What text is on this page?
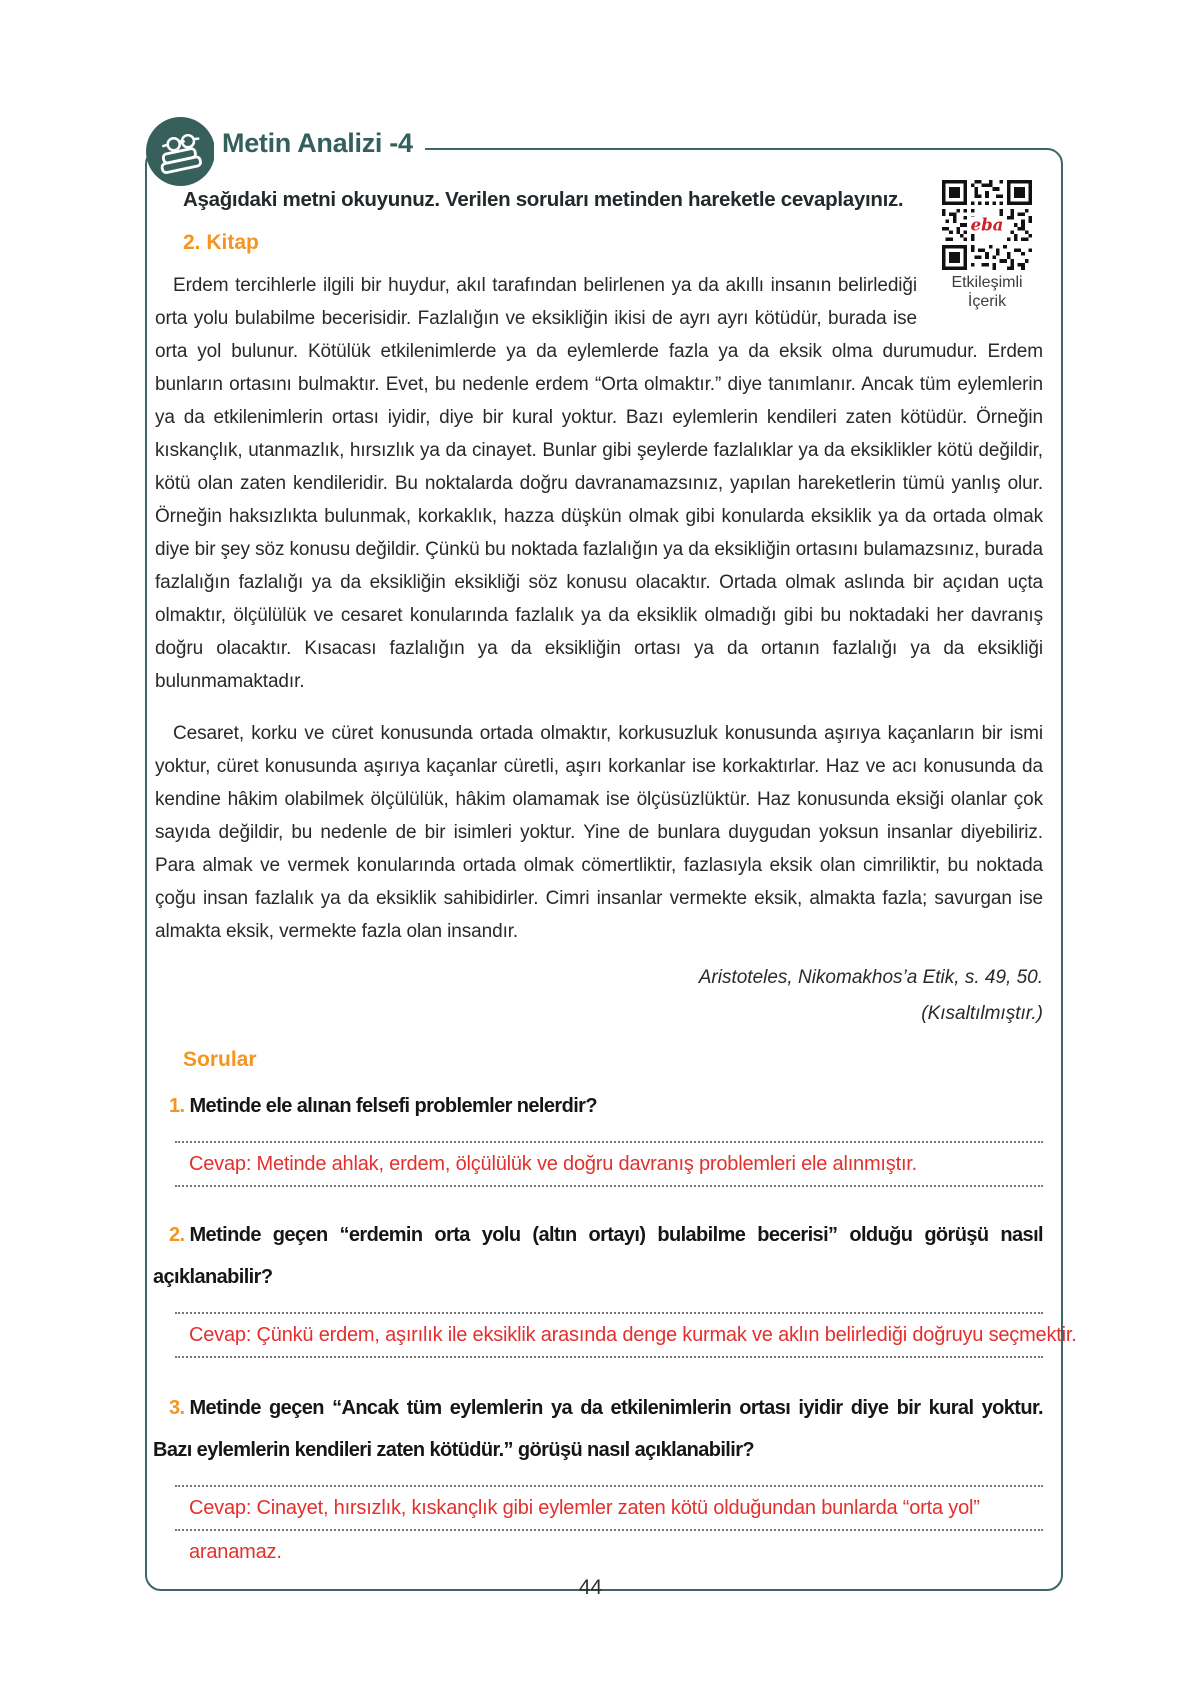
Metin Analizi -4
eba
Etkileşimli
İçerik

Aşağıdaki metni okuyunuz. Verilen soruları metinden hareketle cevaplayınız.

2. Kitap

Erdem tercihlerle ilgili bir huydur, akıl tarafından belirlenen ya da akıllı insanın belirlediği orta yolu bulabilme becerisidir. Fazlalığın ve eksikliğin ikisi de ayrı ayrı kötüdür, burada ise orta yol bulunur. Kötülük etkilenimlerde ya da eylemlerde fazla ya da eksik olma durumudur. Erdem bunların ortasını bulmaktır. Evet, bu nedenle erdem “Orta olmaktır.” diye tanımlanır. Ancak tüm eylemlerin ya da etkilenimlerin ortası iyidir, diye bir kural yoktur. Bazı eylemlerin kendileri zaten kötüdür. Örneğin kıskançlık, utanmazlık, hırsızlık ya da cinayet. Bunlar gibi şeylerde fazlalıklar ya da eksiklikler kötü değildir, kötü olan zaten kendileridir. Bu noktalarda doğru davranamazsınız, yapılan hareketlerin tümü yanlış olur. Örneğin haksızlıkta bulunmak, korkaklık, hazza düşkün olmak gibi konularda eksiklik ya da ortada olmak diye bir şey söz konusu değildir. Çünkü bu noktada fazlalığın ya da eksikliğin ortasını bulamazsınız, burada fazlalığın fazlalığı ya da eksikliğin eksikliği söz konusu olacaktır. Ortada olmak aslında bir açıdan uçta olmaktır, ölçülülük ve cesaret konularında fazlalık ya da eksiklik olmadığı gibi bu noktadaki her davranış doğru olacaktır. Kısacası fazlalığın ya da eksikliğin ortası ya da ortanın fazlalığı ya da eksikliği bulunmamaktadır.

Cesaret, korku ve cüret konusunda ortada olmaktır, korkusuzluk konusunda aşırıya kaçanların bir ismi yoktur, cüret konusunda aşırıya kaçanlar cüretli, aşırı korkanlar ise korkaktırlar. Haz ve acı konusunda da kendine hâkim olabilmek ölçülülük, hâkim olamamak ise ölçüsüzlüktür. Haz konusunda eksiği olanlar çok sayıda değildir, bu nedenle de bir isimleri yoktur. Yine de bunlara duygudan yoksun insanlar diyebiliriz. Para almak ve vermek konularında ortada olmak cömertliktir, fazlasıyla eksik olan cimriliktir, bu noktada çoğu insan fazlalık ya da eksiklik sahibidirler. Cimri insanlar vermekte eksik, almakta fazla; savurgan ise almakta eksik, vermekte fazla olan insandır.

Aristoteles, Nikomakhos’a Etik, s. 49, 50.
(Kısaltılmıştır.)
Sorular

1. Metinde ele alınan felsefi problemler nelerdir?

Cevap: Metinde ahlak, erdem, ölçülülük ve doğru davranış problemleri ele alınmıştır.

2. Metinde geçen “erdemin orta yolu (altın ortayı) bulabilme becerisi” olduğu görüşü nasıl açıklanabilir?

Cevap: Çünkü erdem, aşırılık ile eksiklik arasında denge kurmak ve aklın belirlediği doğruyu seçmektir.

3. Metinde geçen “Ancak tüm eylemlerin ya da etkilenimlerin ortası iyidir diye bir kural yoktur. Bazı eylemlerin kendileri zaten kötüdür.” görüşü nasıl açıklanabilir?

Cevap: Cinayet, hırsızlık, kıskançlık gibi eylemler zaten kötü olduğundan bunlarda “orta yol”
aranamaz.
44
